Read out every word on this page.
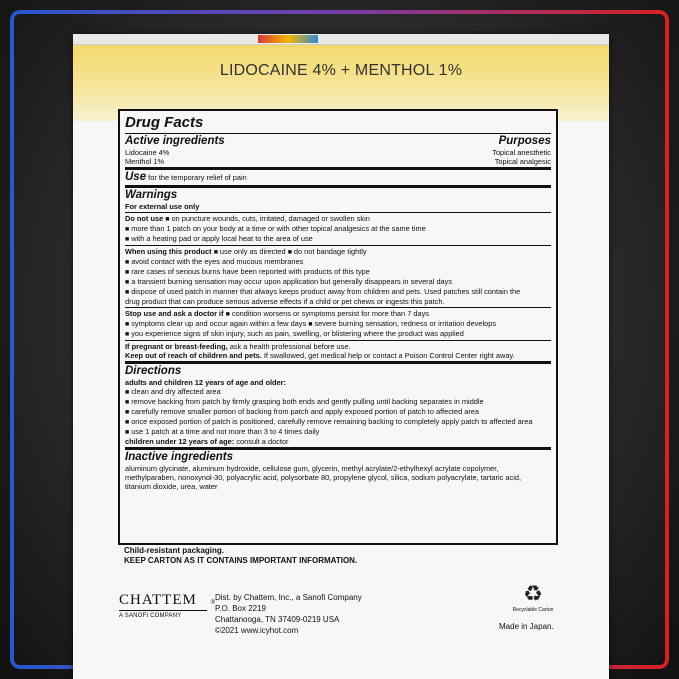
LIDOCAINE 4% + MENTHOL 1%
Drug Facts
Active ingredients	Purposes
Lidocaine 4%	Topical anesthetic
Menthol 1%	Topical analgesic
Use for the temporary relief of pain
Warnings
For external use only
Do not use ■ on puncture wounds, cuts, irritated, damaged or swollen skin
■ more than 1 patch on your body at a time or with other topical analgesics at the same time
■ with a heating pad or apply local heat to the area of use
When using this product ■ use only as directed ■ do not bandage tightly
■ avoid contact with the eyes and mucous membranes
■ rare cases of serious burns have been reported with products of this type
■ a transient burning sensation may occur upon application but generally disappears in several days
■ dispose of used patch in manner that always keeps product away from children and pets. Used patches still contain the
drug product that can produce serious adverse effects if a child or pet chews or ingests this patch.
Stop use and ask a doctor if ■ condition worsens or symptoms persist for more than 7 days
■ symptoms clear up and occur again within a few days ■ severe burning sensation, redness or irritation develops
■ you experience signs of skin injury, such as pain, swelling, or blistering where the product was applied
If pregnant or breast-feeding, ask a health professional before use.
Keep out of reach of children and pets. If swallowed, get medical help or contact a Poison Control Center right away.
Directions
adults and children 12 years of age and older:
■ clean and dry affected area
■ remove backing from patch by firmly grasping both ends and gently pulling until backing separates in middle
■ carefully remove smaller portion of backing from patch and apply exposed portion of patch to affected area
■ once exposed portion of patch is positioned, carefully remove remaining backing to completely apply patch to affected area
■ use 1 patch at a time and not more than 3 to 4 times daily
children under 12 years of age: consult a doctor
Inactive ingredients
aluminum glycinate, aluminum hydroxide, cellulose gum, glycerin, methyl acrylate/2-ethylhexyl acrylate copolymer,
methylparaben, nonoxynol-30, polyacrylic acid, polysorbate 80, propylene glycol, silica, sodium polyacrylate, tartaric acid,
titanium dioxide, urea, water
Child-resistant packaging.
KEEP CARTON AS IT CONTAINS IMPORTANT INFORMATION.
CHATTEM	®
A SANOFI COMPANY
Dist. by Chattem, Inc., a Sanofi Company
P.O. Box 2219
Chattanooga, TN 37409-0219 USA
©2021 www.icyhot.com
♻
Recyclable Carton
Made in Japan.
